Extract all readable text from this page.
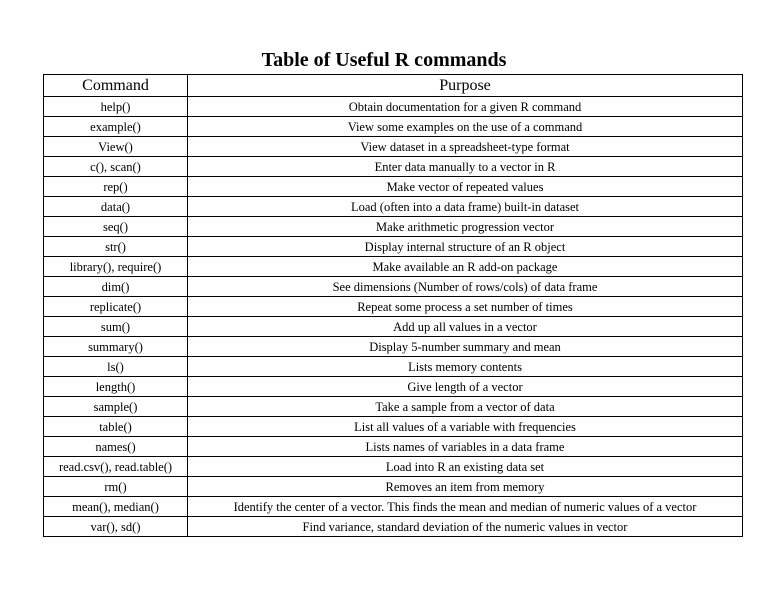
Table of Useful R commands
Command	Purpose
help()	Obtain documentation for a given R command
example()	View some examples on the use of a command
View()	View dataset in a spreadsheet-type format
c(), scan()	Enter data manually to a vector in R
rep()	Make vector of repeated values
data()	Load (often into a data frame) built-in dataset
seq()	Make arithmetic progression vector
str()	Display internal structure of an R object
library(), require()	Make available an R add-on package
dim()	See dimensions (Number of rows/cols) of data frame
replicate()	Repeat some process a set number of times
sum()	Add up all values in a vector
summary()	Display 5-number summary and mean
ls()	Lists memory contents
length()	Give length of a vector
sample()	Take a sample from a vector of data
table()	List all values of a variable with frequencies
names()	Lists names of variables in a data frame
read.csv(), read.table()	Load into R an existing data set
rm()	Removes an item from memory
mean(), median()	Identify the center of a vector. This finds the mean and median of numeric values of a vector
var(), sd()	Find variance, standard deviation of the numeric values in vector
